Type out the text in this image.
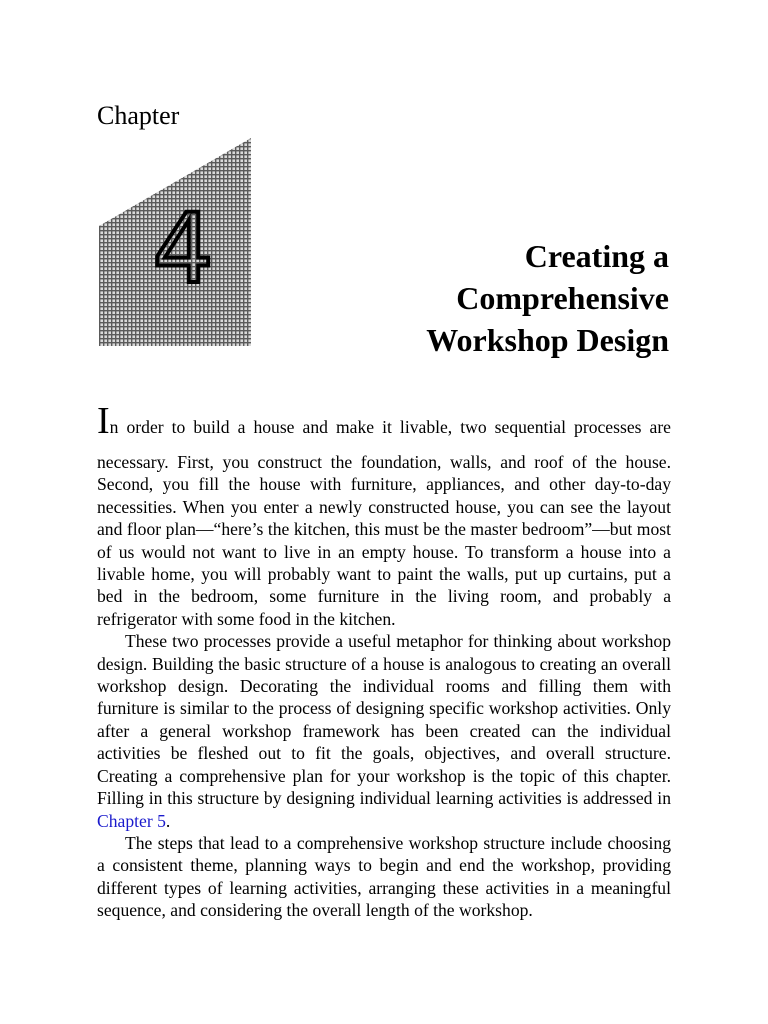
Chapter
4	Creating a
Comprehensive
Workshop Design

In order to build a house and make it livable, two sequential processes are
necessary. First, you construct the foundation, walls, and roof of the house. Second, you fill the house with furniture, appliances, and other day-to-day necessities. When you enter a newly constructed house, you can see the layout and floor plan—“here’s the kitchen, this must be the master bedroom”—but most of us would not want to live in an empty house. To transform a house into a livable home, you will probably want to paint the walls, put up curtains, put a bed in the bedroom, some furniture in the living room, and probably a refrigerator with some food in the kitchen.

These two processes provide a useful metaphor for thinking about workshop design. Building the basic structure of a house is analogous to creating an overall workshop design. Decorating the individual rooms and filling them with furniture is similar to the process of designing specific workshop activities. Only after a general workshop framework has been created can the individual activities be fleshed out to fit the goals, objectives, and overall structure. Creating a comprehensive plan for your workshop is the topic of this chapter. Filling in this structure by designing individual learning activities is addressed in Chapter 5.

The steps that lead to a comprehensive workshop structure include choosing a consistent theme, planning ways to begin and end the workshop, providing different types of learning activities, arranging these activities in a meaningful sequence, and considering the overall length of the workshop.
